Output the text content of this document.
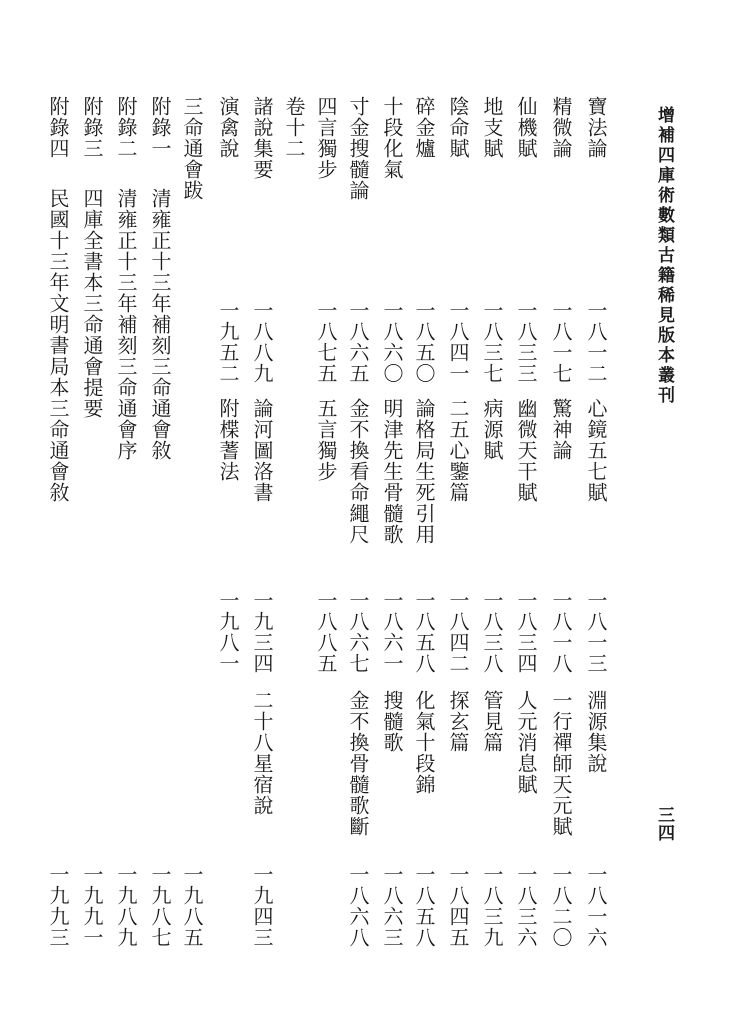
增補四庫術數類古籍稀見版本叢刊
三四
寶法論
一八一二
心鏡五七賦
一八一三
淵源集說
一八一六
精微論
一八一七
驚神論
一八一八
一行禪師天元賦
一八二〇
仙機賦
一八三三
幽微天干賦
一八三四
人元消息賦
一八三六
地支賦
一八三七
病源賦
一八三八
管見篇
一八三九
陰命賦
一八四一
二五心鑒篇
一八四二
探玄篇
一八四五
碎金爐
一八五〇
論格局生死引用
一八五八
化氣十段錦
一八五八
十段化氣
一八六〇
明津先生骨髓歌
一八六一
搜髓歌
一八六三
寸金搜髓論
一八六五
金不換看命繩尺
一八六七
金不換骨髓歌斷
一八六八
四言獨步
一八七五
五言獨步
一八八五
卷十二
諸說集要
一八八九
論河圖洛書
一九三四
二十八星宿說
一九四三
演禽說
一九五二
附楪蓍法
一九八一
三命通會跋
一九八五
附錄一
清雍正十三年補刻三命通會敘
一九八七
附錄二
清雍正十三年補刻三命通會序
一九八九
附錄三
四庫全書本三命通會提要
一九九一
附錄四
民國十三年文明書局本三命通會敘
一九九三
